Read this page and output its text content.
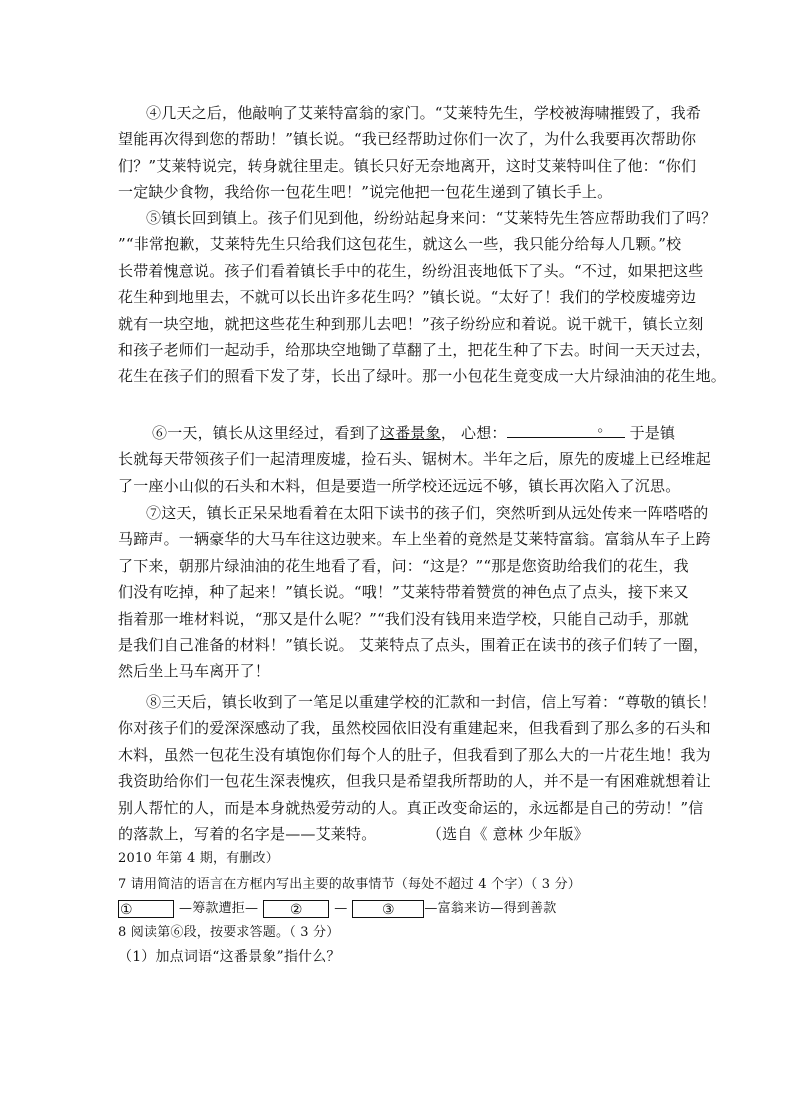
④几天之后，他敲响了艾莱特富翁的家门。“艾莱特先生，学校被海啸摧毁了，我希
望能再次得到您的帮助！”镇长说。“我已经帮助过你们一次了，为什么我要再次帮助你
们？”艾莱特说完，转身就往里走。镇长只好无奈地离开，这时艾莱特叫住了他：“你们
一定缺少食物，我给你一包花生吧！”说完他把一包花生递到了镇长手上。
⑤镇长回到镇上。孩子们见到他，纷纷站起身来问：“艾莱特先生答应帮助我们了吗？
”“非常抱歉，艾莱特先生只给我们这包花生，就这么一些，我只能分给每人几颗。”校
长带着愧意说。孩子们看着镇长手中的花生，纷纷沮丧地低下了头。“不过，如果把这些
花生种到地里去，不就可以长出许多花生吗？”镇长说。“太好了！我们的学校废墟旁边
就有一块空地，就把这些花生种到那儿去吧！”孩子纷纷应和着说。说干就干，镇长立刻
和孩子老师们一起动手，给那块空地锄了草翻了土，把花生种了下去。时间一天天过去，
花生在孩子们的照看下发了芽，长出了绿叶。那一小包花生竟变成一大片绿油油的花生地。
⑥一天，镇长从这里经过，看到了这番景象， 心想：	。 于是镇
长就每天带领孩子们一起清理废墟，捡石头、锯树木。半年之后，原先的废墟上已经堆起
了一座小山似的石头和木料，但是要造一所学校还远远不够，镇长再次陷入了沉思。
⑦这天，镇长正呆呆地看着在太阳下读书的孩子们，突然听到从远处传来一阵嗒嗒的
马蹄声。一辆豪华的大马车往这边驶来。车上坐着的竟然是艾莱特富翁。富翁从车子上跨
了下来，朝那片绿油油的花生地看了看，问：“这是？”“那是您资助给我们的花生，我
们没有吃掉，种了起来！”镇长说。“哦！”艾莱特带着赞赏的神色点了点头，接下来又
指着那一堆材料说，“那又是什么呢？”“我们没有钱用来造学校，只能自己动手，那就
是我们自己准备的材料！”镇长说。 艾莱特点了点头，围着正在读书的孩子们转了一圈，
然后坐上马车离开了！
⑧三天后，镇长收到了一笔足以重建学校的汇款和一封信，信上写着：“尊敬的镇长！
你对孩子们的爱深深感动了我，虽然校园依旧没有重建起来，但我看到了那么多的石头和
木料，虽然一包花生没有填饱你们每个人的肚子，但我看到了那么大的一片花生地！我为
我资助给你们一包花生深表愧疚，但我只是希望我所帮助的人，并不是一有困难就想着让
别人帮忙的人，而是本身就热爱劳动的人。真正改变命运的，永远都是自己的劳动！”信
的落款上，写着的名字是——艾莱特。	（选自《 意林 少年版》
2010 年第 4 期，有删改）
7 请用简洁的语言在方框内写出主要的故事情节（每处不超过 4 个字）（ 3 分）
①	—筹款遭拒— ② — ③ —富翁来访—得到善款
8 阅读第⑥段，按要求答题。（ 3 分）
（1）加点词语“这番景象”指什么？
